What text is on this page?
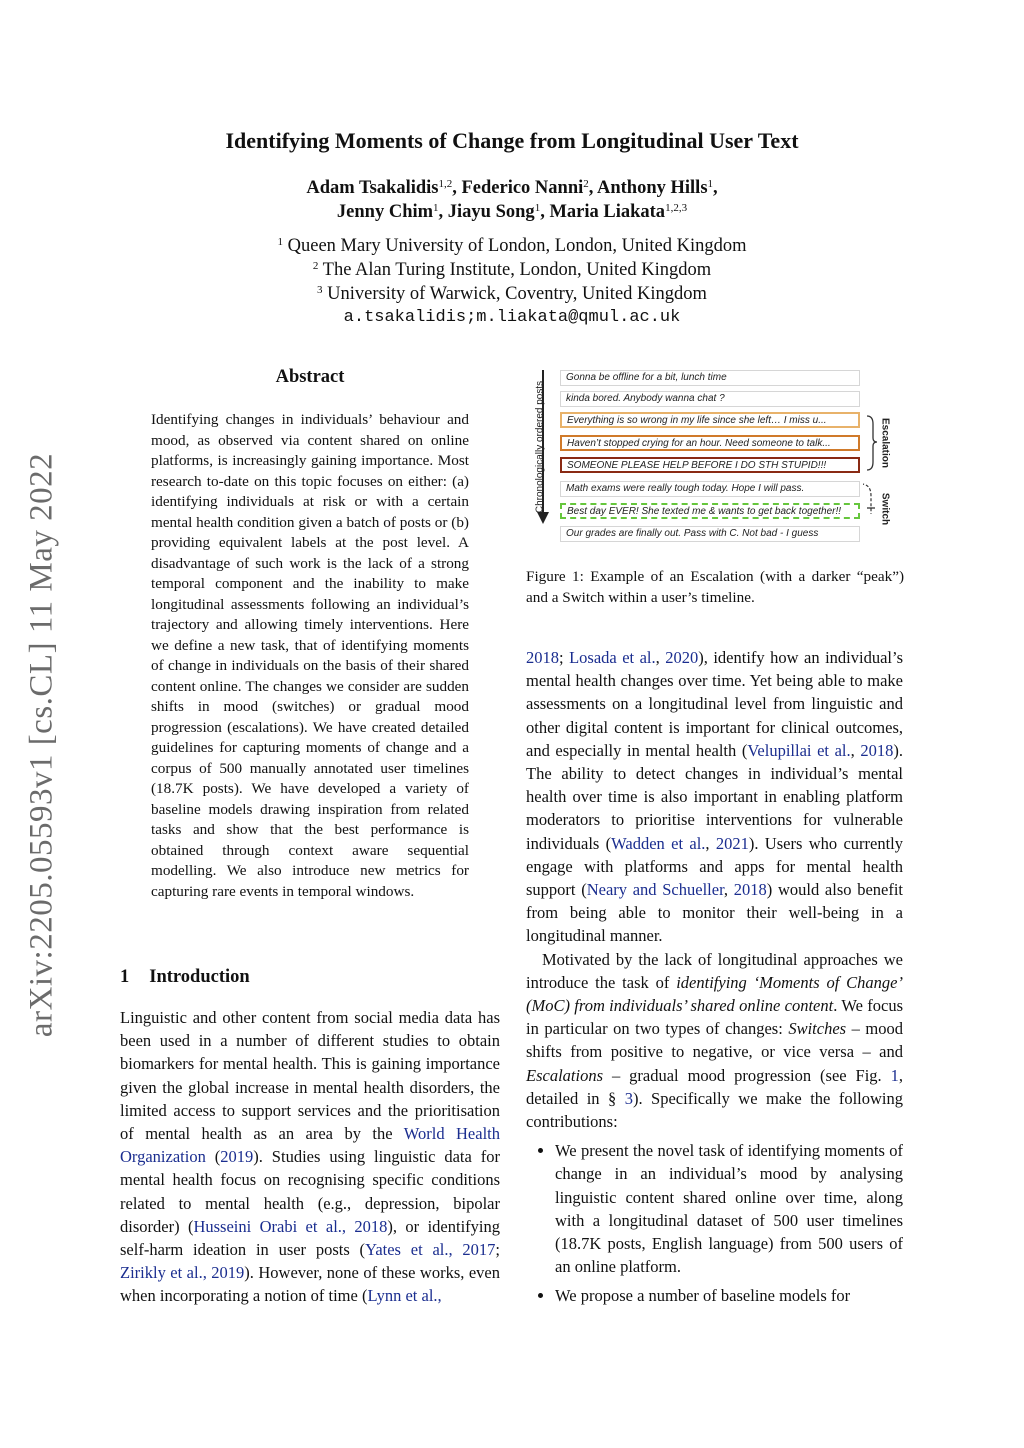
arXiv:2205.05593v1 [cs.CL] 11 May 2022
Identifying Moments of Change from Longitudinal User Text
Adam Tsakalidis$^{1,2}$, Federico Nanni$^2$, Anthony Hills$^1$,
Jenny Chim$^1$, Jiayu Song$^1$, Maria Liakata$^{1,2,3}$
$^1$ Queen Mary University of London, London, United Kingdom
$^2$ The Alan Turing Institute, London, United Kingdom
$^3$ University of Warwick, Coventry, United Kingdom
a.tsakalidis;m.liakata@qmul.ac.uk
Abstract
Identifying changes in individuals’ behaviour and mood, as observed via content shared on online platforms, is increasingly gaining importance. Most research to-date on this topic focuses on either: (a) identifying individuals at risk or with a certain mental health condition given a batch of posts or (b) providing equivalent labels at the post level. A disadvantage of such work is the lack of a strong temporal component and the inability to make longitudinal assessments following an individual’s trajectory and allowing timely interventions. Here we define a new task, that of identifying moments of change in individuals on the basis of their shared content online. The changes we consider are sudden shifts in mood (switches) or gradual mood progression (escalations). We have created detailed guidelines for capturing moments of change and a corpus of 500 manually annotated user timelines (18.7K posts). We have developed a variety of baseline models drawing inspiration from related tasks and show that the best performance is obtained through context aware sequential modelling. We also introduce new metrics for capturing rare events in temporal windows.
1 Introduction
Linguistic and other content from social media data has been used in a number of different studies to obtain biomarkers for mental health. This is gaining importance given the global increase in mental health disorders, the limited access to support services and the prioritisation of mental health as an area by the World Health Organization (2019). Studies using linguistic data for mental health focus on recognising specific conditions related to mental health (e.g., depression, bipolar disorder) (Husseini Orabi et al., 2018), or identifying self-harm ideation in user posts (Yates et al., 2017; Zirikly et al., 2019). However, none of these works, even when incorporating a notion of time (Lynn et al.,
Chronologically ordered posts
Gonna be offline for a bit, lunch time
kinda bored. Anybody wanna chat ?
Everything is so wrong in my life since she left… I miss u...
Haven’t stopped crying for an hour. Need someone to talk...
SOMEONE PLEASE HELP BEFORE I DO STH STUPID!!!
Math exams were really tough today. Hope I will pass.
Best day EVER! She texted me & wants to get back together!!
Our grades are finally out. Pass with C. Not bad - I guess
Escalation
Switch
Figure 1: Example of an Escalation (with a darker “peak”) and a Switch within a user’s timeline.

2018; Losada et al., 2020), identify how an individual’s mental health changes over time. Yet being able to make assessments on a longitudinal level from linguistic and other digital content is important for clinical outcomes, and especially in mental health (Velupillai et al., 2018). The ability to detect changes in individual’s mental health over time is also important in enabling platform moderators to prioritise interventions for vulnerable individuals (Wadden et al., 2021). Users who currently engage with platforms and apps for mental health support (Neary and Schueller, 2018) would also benefit from being able to monitor their well-being in a longitudinal manner.

Motivated by the lack of longitudinal approaches we introduce the task of identifying ‘Moments of Change’ (MoC) from individuals’ shared online content. We focus in particular on two types of changes: Switches – mood shifts from positive to negative, or vice versa – and Escalations – gradual mood progression (see Fig. 1, detailed in § 3). Specifically we make the following contributions:

• We present the novel task of identifying moments of change in an individual’s mood by analysing linguistic content shared online over time, along with a longitudinal dataset of 500 user timelines (18.7K posts, English language) from 500 users of an online platform.
• We propose a number of baseline models for
